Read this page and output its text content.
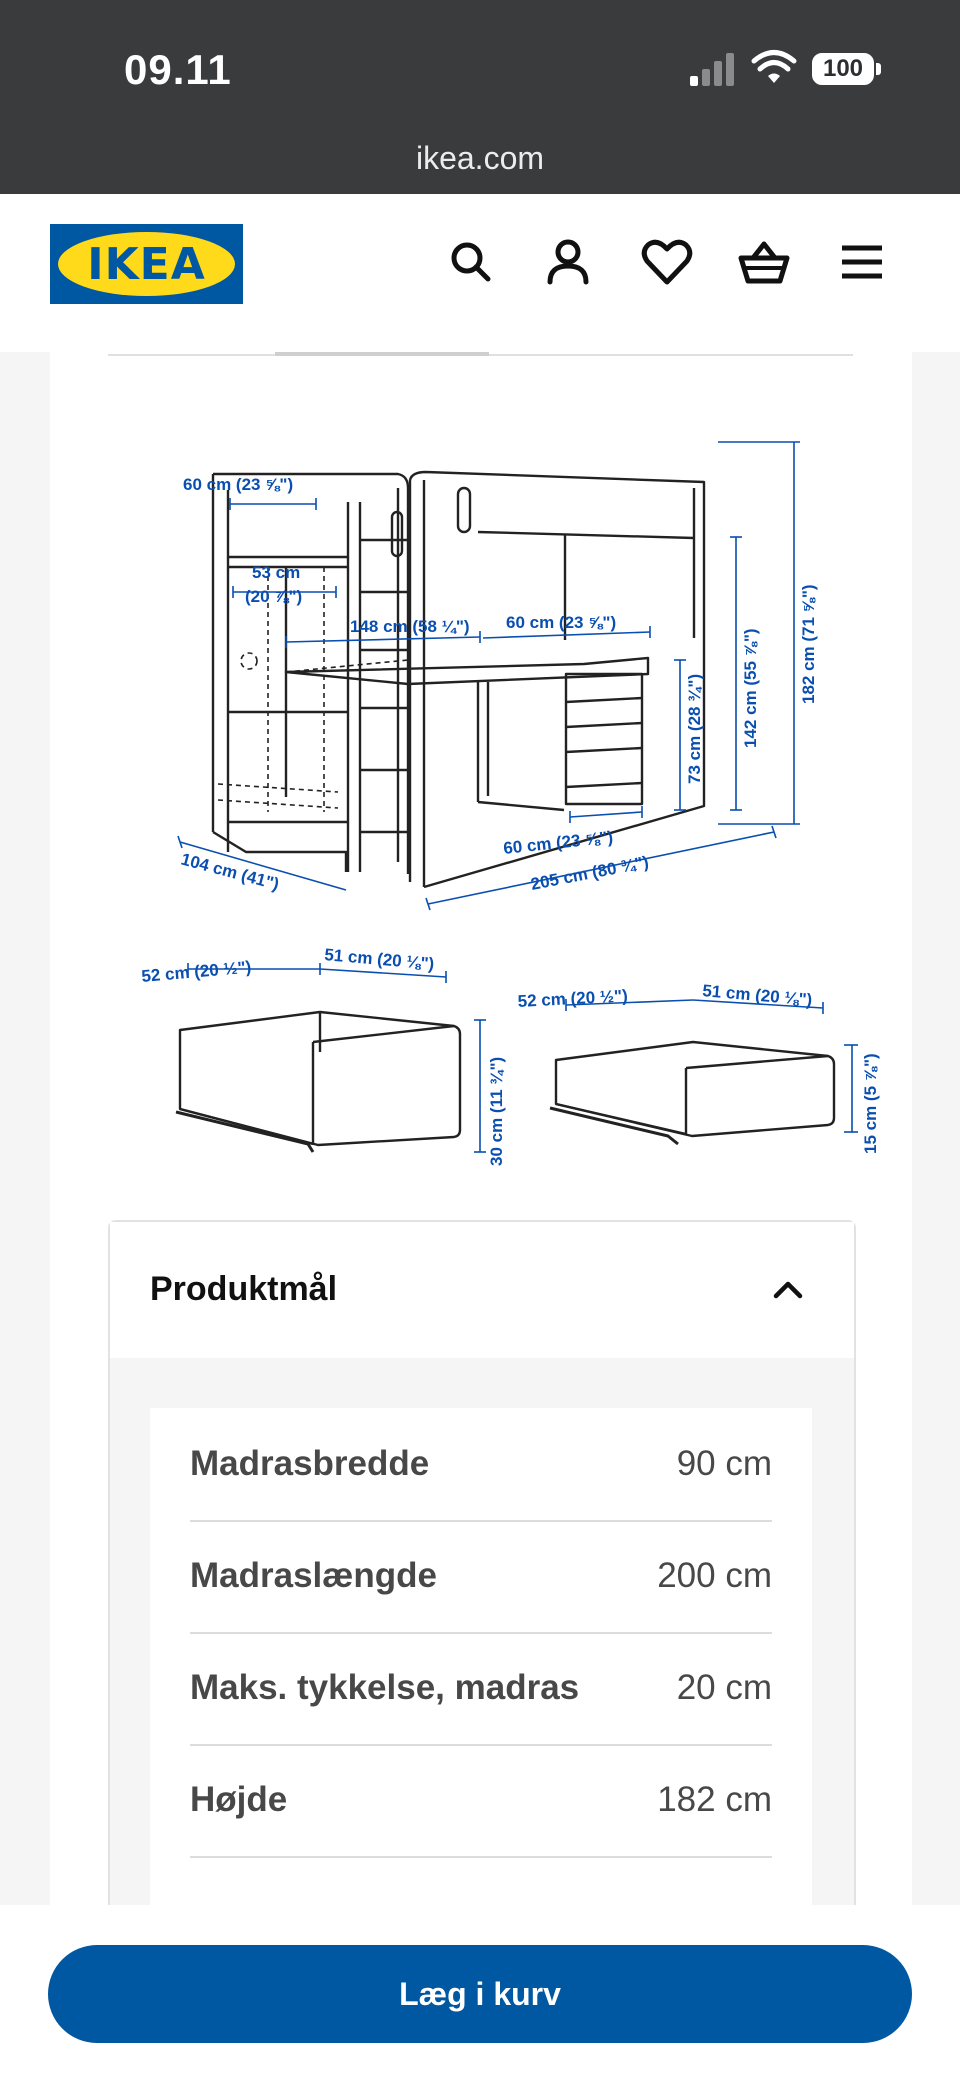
09.11	100
ikea.com
IKEA
60 cm (23 ⅝")
53 cm
(20 ⅞")
148 cm (58 ¼") 60 cm (23 ⅝")
73 cm (28 ¾") 142 cm (55 ⅞") 182 cm (71 ⅝")
104 cm (41")
60 cm (23 ⅝")
205 cm (80 ¾")
52 cm (20 ½")	51 cm (20 ⅛")
30 cm (11 ¾")
52 cm (20 ½")	51 cm (20 ⅛")
15 cm (5 ⅞")
Produktmål
Madrasbredde	90 cm
Madraslængde	200 cm
Maks. tykkelse, madras	20 cm
Højde	182 cm
Læg i kurv
